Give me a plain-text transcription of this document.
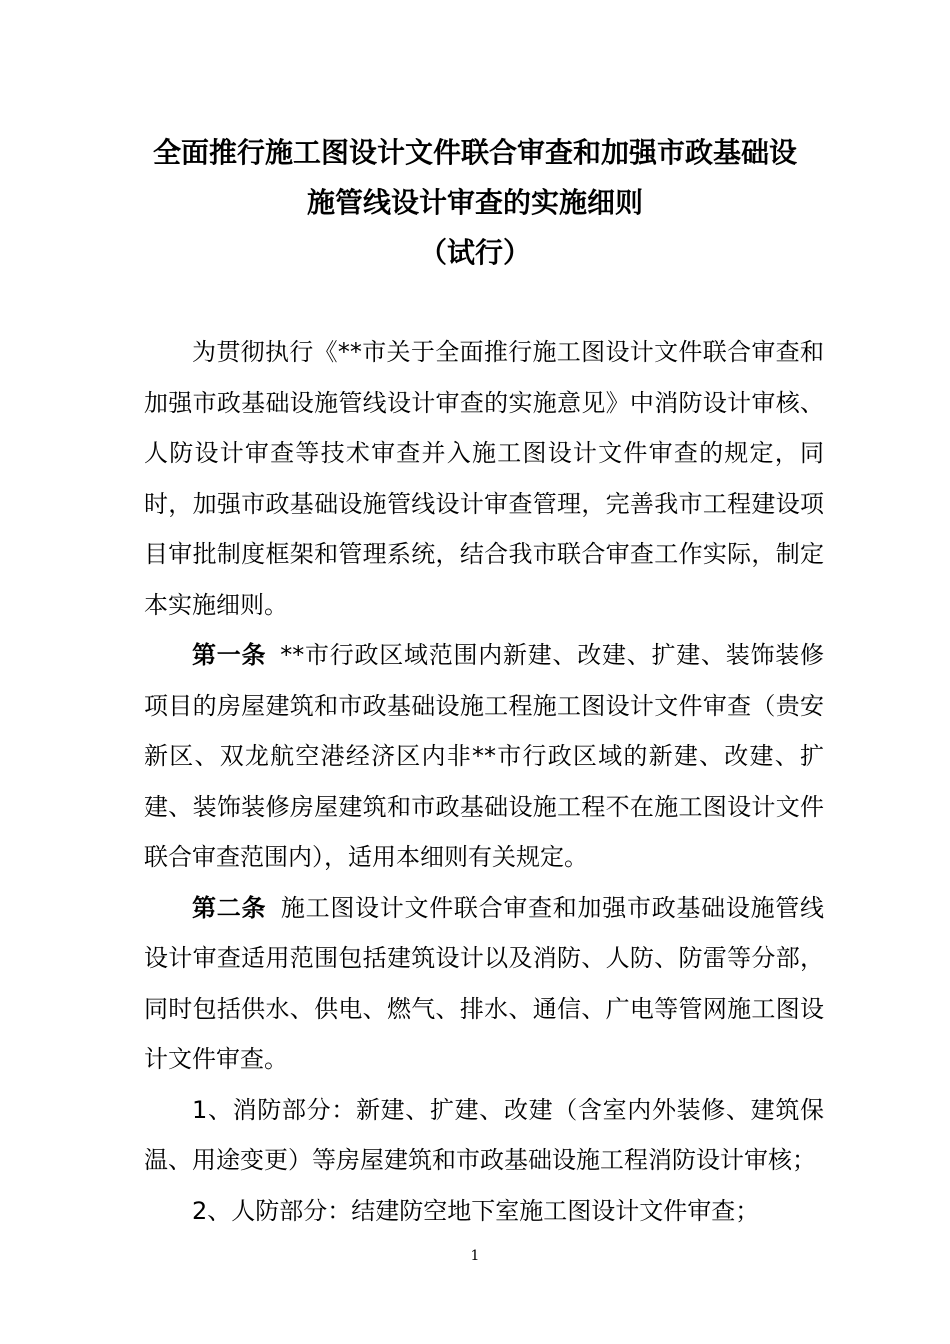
全面推行施工图设计文件联合审查和加强市政基础设
施管线设计审查的实施细则
（试行）

为贯彻执行《**市关于全面推行施工图设计文件联合审查和加强市政基础设施管线设计审查的实施意见》中消防设计审核、人防设计审查等技术审查并入施工图设计文件审查的规定，同时，加强市政基础设施管线设计审查管理，完善我市工程建设项目审批制度框架和管理系统，结合我市联合审查工作实际，制定本实施细则。

第一条 **市行政区域范围内新建、改建、扩建、装饰装修项目的房屋建筑和市政基础设施工程施工图设计文件审查（贵安新区、双龙航空港经济区内非**市行政区域的新建、改建、扩建、装饰装修房屋建筑和市政基础设施工程不在施工图设计文件联合审查范围内），适用本细则有关规定。

第二条 施工图设计文件联合审查和加强市政基础设施管线设计审查适用范围包括建筑设计以及消防、人防、防雷等分部，同时包括供水、供电、燃气、排水、通信、广电等管网施工图设计文件审查。

1、消防部分：新建、扩建、改建（含室内外装修、建筑保温、用途变更）等房屋建筑和市政基础设施工程消防设计审核；

2、人防部分：结建防空地下室施工图设计文件审查；

1
